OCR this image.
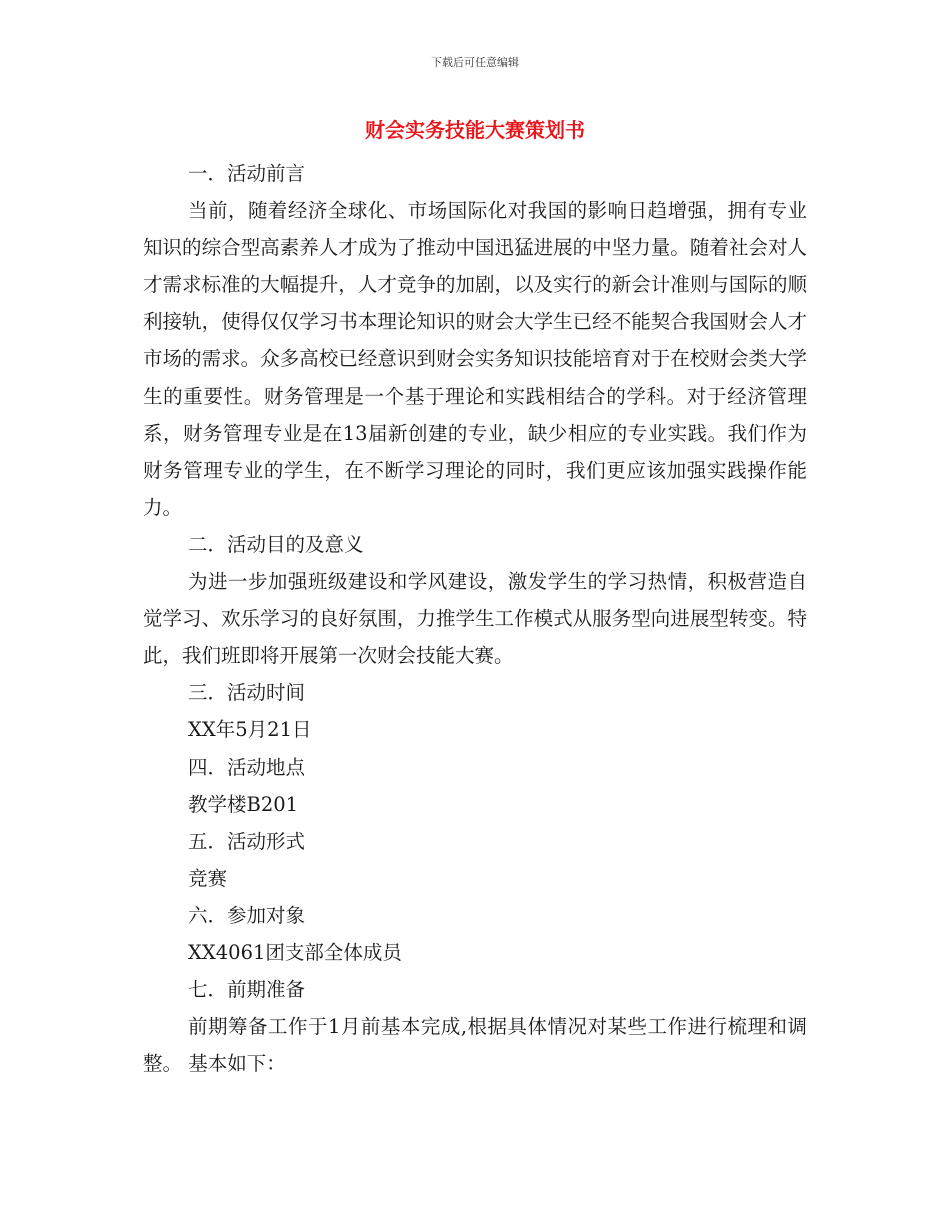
下载后可任意编辑
财会实务技能大赛策划书

一．活动前言

当前，随着经济全球化、市场国际化对我国的影响日趋增强，拥有专业知识的综合型高素养人才成为了推动中国迅猛进展的中坚力量。随着社会对人才需求标准的大幅提升，人才竞争的加剧，以及实行的新会计准则与国际的顺利接轨，使得仅仅学习书本理论知识的财会大学生已经不能契合我国财会人才市场的需求。众多高校已经意识到财会实务知识技能培育对于在校财会类大学生的重要性。财务管理是一个基于理论和实践相结合的学科。对于经济管理系，财务管理专业是在13届新创建的专业，缺少相应的专业实践。我们作为财务管理专业的学生，在不断学习理论的同时，我们更应该加强实践操作能力。

二．活动目的及意义

为进一步加强班级建设和学风建设，激发学生的学习热情，积极营造自觉学习、欢乐学习的良好氛围，力推学生工作模式从服务型向进展型转变。特此，我们班即将开展第一次财会技能大赛。

三．活动时间

XX年5月21日

四．活动地点

教学楼B201

五．活动形式

竞赛

六．参加对象

XX4061团支部全体成员

七．前期准备

前期筹备工作于1月前基本完成,根据具体情况对某些工作进行梳理和调整。 基本如下：
